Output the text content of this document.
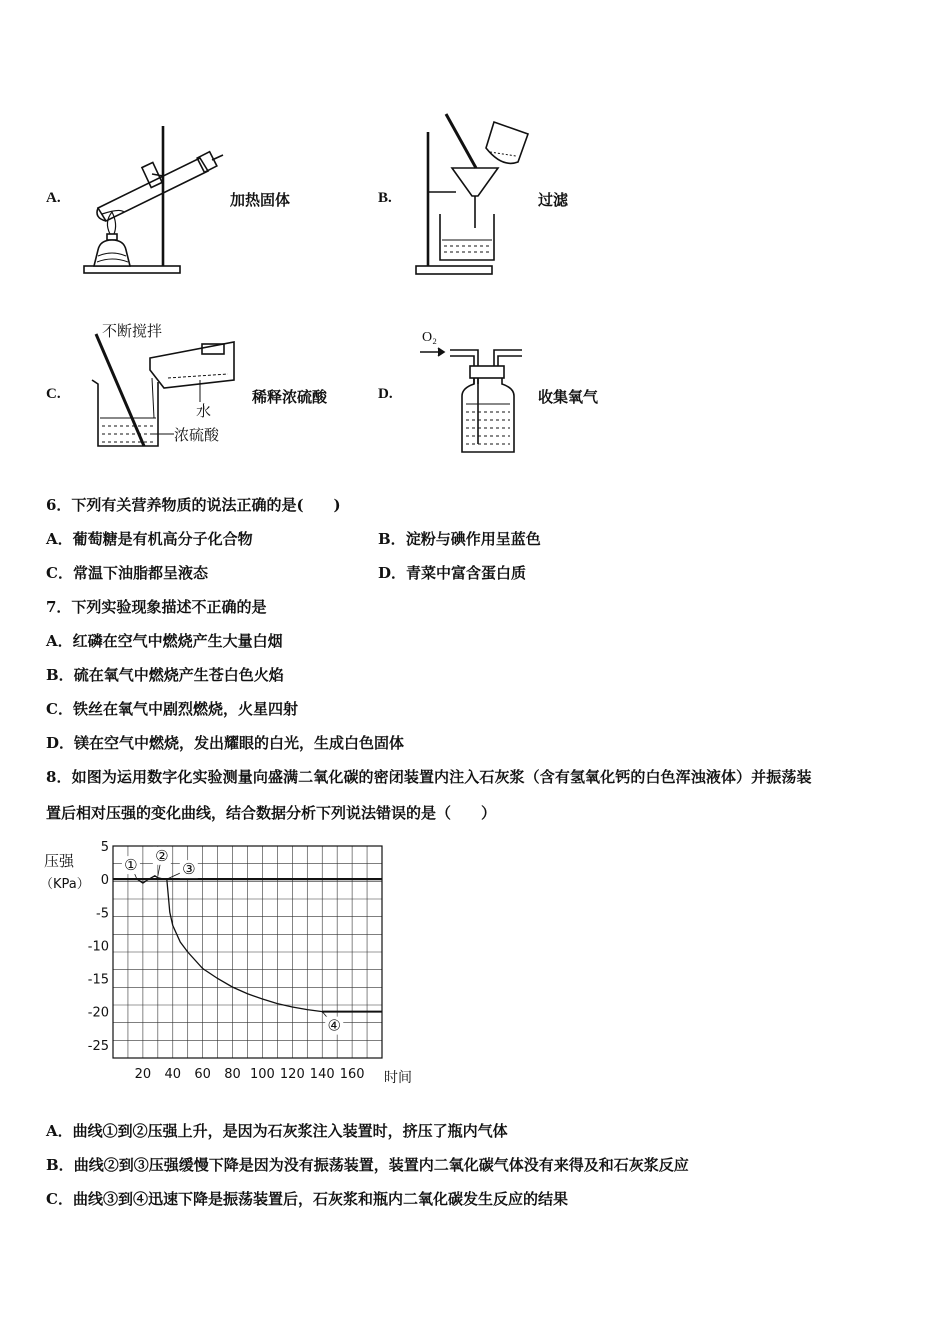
A.	加热固体	B.	过滤
C.
不断搅拌
水
浓硫酸
稀释浓硫酸	D.
O₂
收集氧气
6．下列有关营养物质的说法正确的是(　　)
A．葡萄糖是有机高分子化合物	B．淀粉与碘作用呈蓝色
C．常温下油脂都呈液态	D．青菜中富含蛋白质
7．下列实验现象描述不正确的是
A．红磷在空气中燃烧产生大量白烟
B．硫在氧气中燃烧产生苍白色火焰
C．铁丝在氧气中剧烈燃烧，火星四射
D．镁在空气中燃烧，发出耀眼的白光，生成白色固体
8．如图为运用数字化实验测量向盛满二氧化碳的密闭装置内注入石灰浆（含有氢氧化钙的白色浑浊液体）并振荡装
置后相对压强的变化曲线，结合数据分析下列说法错误的是（　　）
5
0
-5
-10
-15
-20
-25
20 40 60 80 100 120 140 160
压强
（KPa）
时间
①
②
③
④
A．曲线①到②压强上升，是因为石灰浆注入装置时，挤压了瓶内气体
B．曲线②到③压强缓慢下降是因为没有振荡装置，装置内二氧化碳气体没有来得及和石灰浆反应
C．曲线③到④迅速下降是振荡装置后，石灰浆和瓶内二氧化碳发生反应的结果
